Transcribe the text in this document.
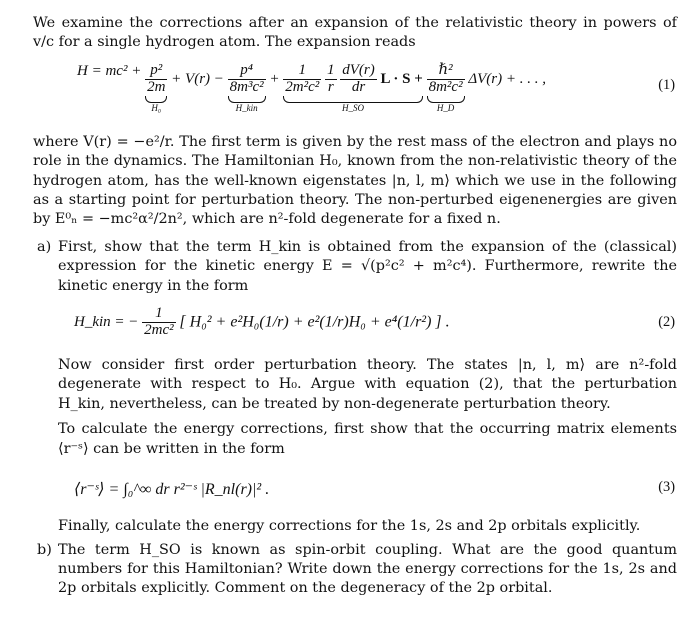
We examine the corrections after an expansion of the relativistic theory in powers of v/c for a single hydrogen atom. The expansion reads

$H = mc^2 + \frac{\text{p²}}{2m}$
H₀
+ $V(r) - \frac{\text{p⁴}}{\text{8m³c²}}$
H_kin
+ $\frac{1}{\text{2m²c²}}$
$\frac{1}{r}$
$\frac{dV(r)}{dr}$ L · S +
H_SO

$\frac{\text{ℏ²}}{\text{8m²c²}}$
H_D
ΔV(r) + . . . ,	(1)

where V(r) = −e²/r. The first term is given by the rest mass of the electron and plays no role in the dynamics. The Hamiltonian H₀, known from the non-relativistic theory of the hydrogen atom, has the well-known eigenstates |n, l, m⟩ which we use in the following as a starting point for perturbation theory. The non-perturbed eigenenergies are given by E⁰ₙ = −mc²α²/2n², which are n²-fold degenerate for a fixed n.

a) First, show that the term H_kin is obtained from the expansion of the (classical) expression for the kinetic energy E = √(p²c² + m²c⁴). Furthermore, rewrite the kinetic energy in the form

H_kin = − $\frac{1}{\text{2mc²}}$ [ H₀² + e²H₀(1/r) + e²(1/r)H₀ + e⁴(1/r²) ] .	(2)

Now consider first order perturbation theory. The states |n, l, m⟩ are n²-fold degenerate with respect to H₀. Argue with equation (2), that the perturbation H_kin, nevertheless, can be treated by non-degenerate perturbation theory.

To calculate the energy corrections, first show that the occurring matrix elements ⟨r⁻ˢ⟩ can be written in the form

⟨r⁻ˢ⟩ = ∫₀^∞ dr r²⁻ˢ |R_nl(r)|² .	(3)

Finally, calculate the energy corrections for the 1s, 2s and 2p orbitals explicitly.

b) The term H_SO is known as spin-orbit coupling. What are the good quantum numbers for this Hamiltonian? Write down the energy corrections for the 1s, 2s and 2p orbitals explicitly. Comment on the degeneracy of the 2p orbital.
